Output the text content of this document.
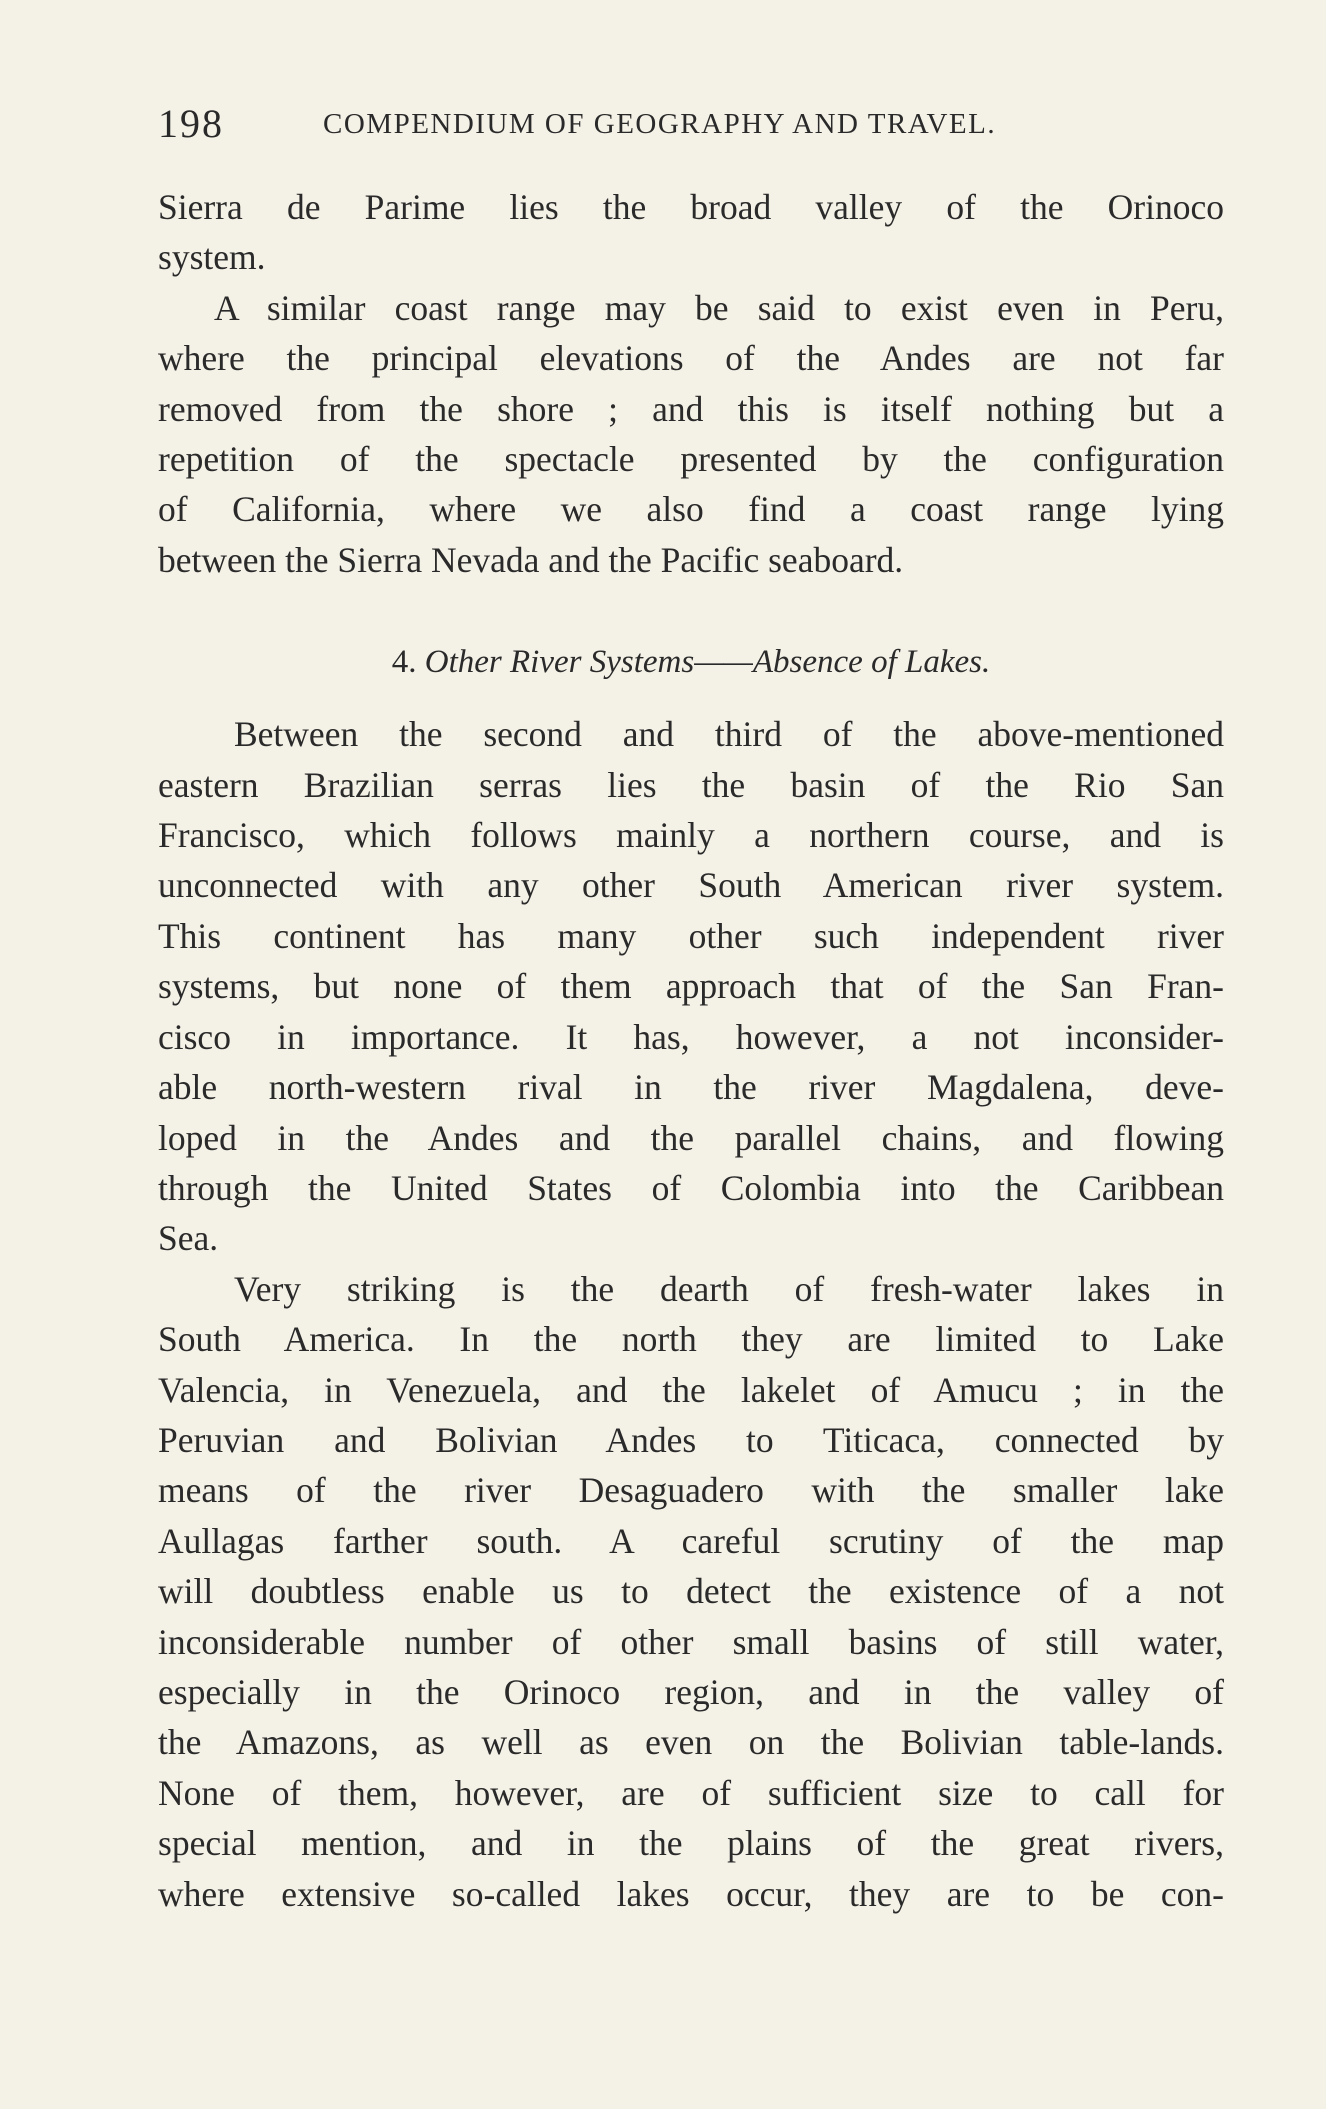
198	COMPENDIUM OF GEOGRAPHY AND TRAVEL.
Sierra de Parime lies the broad valley of the Orinoco
system.
A similar coast range may be said to exist even in Peru,
where the principal elevations of the Andes are not far
removed from the shore ; and this is itself nothing but a
repetition of the spectacle presented by the configuration
of California, where we also find a coast range lying
between the Sierra Nevada and the Pacific seaboard.
4. Other River Systems——Absence of Lakes.
Between the second and third of the above-mentioned
eastern Brazilian serras lies the basin of the Rio San
Francisco, which follows mainly a northern course, and is
unconnected with any other South American river system.
This continent has many other such independent river
systems, but none of them approach that of the San Fran-
cisco in importance. It has, however, a not inconsider-
able north-western rival in the river Magdalena, deve-
loped in the Andes and the parallel chains, and flowing
through the United States of Colombia into the Caribbean
Sea.
Very striking is the dearth of fresh-water lakes in
South America. In the north they are limited to Lake
Valencia, in Venezuela, and the lakelet of Amucu ; in the
Peruvian and Bolivian Andes to Titicaca, connected by
means of the river Desaguadero with the smaller lake
Aullagas farther south. A careful scrutiny of the map
will doubtless enable us to detect the existence of a not
inconsiderable number of other small basins of still water,
especially in the Orinoco region, and in the valley of
the Amazons, as well as even on the Bolivian table-lands.
None of them, however, are of sufficient size to call for
special mention, and in the plains of the great rivers,
where extensive so-called lakes occur, they are to be con-
